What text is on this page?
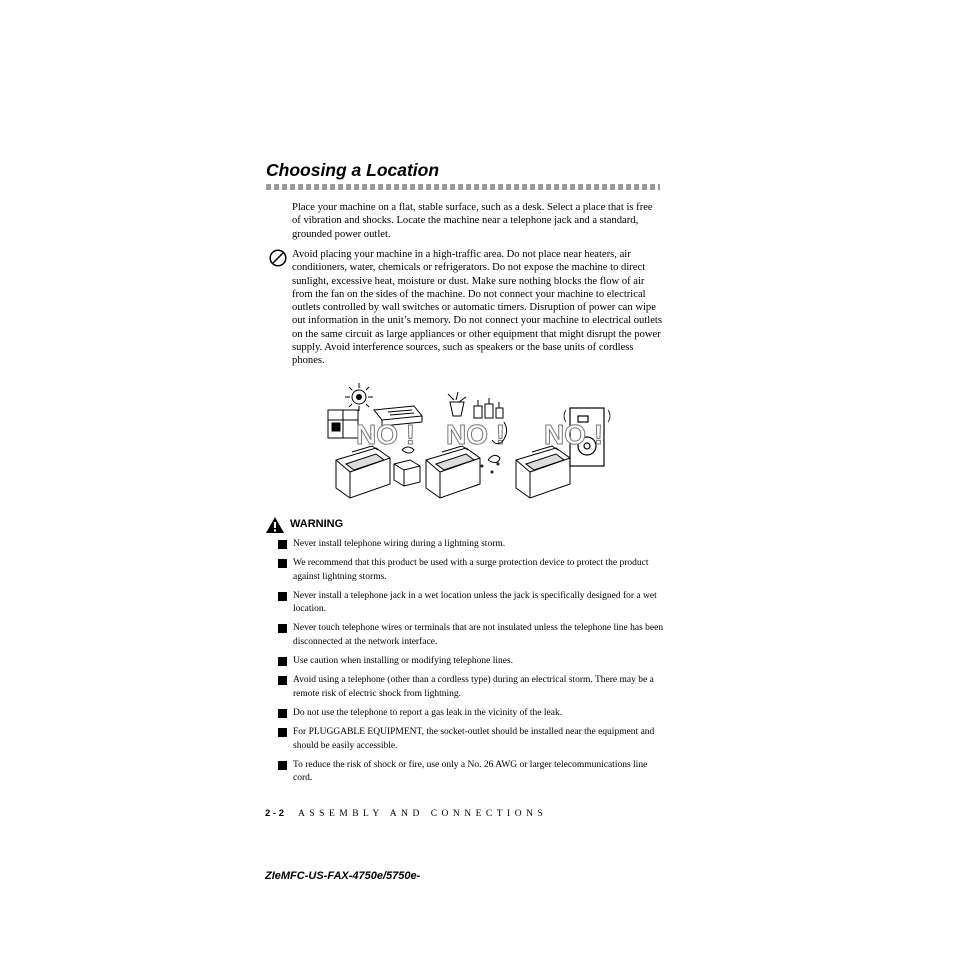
Choosing a Location
Place your machine on a flat, stable surface, such as a desk. Select a place that is free of vibration and shocks. Locate the machine near a telephone jack and a standard, grounded power outlet.
Avoid placing your machine in a high-traffic area. Do not place near heaters, air conditioners, water, chemicals or refrigerators. Do not expose the machine to direct sunlight, excessive heat, moisture or dust. Make sure nothing blocks the flow of air from the fan on the sides of the machine. Do not connect your machine to electrical outlets controlled by wall switches or automatic timers. Disruption of power can wipe out information in the unit’s memory. Do not connect your machine to electrical outlets on the same circuit as large appliances or other equipment that might disrupt the power supply. Avoid interference sources, such as speakers or the base units of cordless phones.
NO ! NO ! NO !
WARNING
Never install telephone wiring during a lightning storm.
We recommend that this product be used with a surge protection device to protect the product against lightning storms.
Never install a telephone jack in a wet location unless the jack is specifically designed for a wet location.
Never touch telephone wires or terminals that are not insulated unless the telephone line has been disconnected at the network interface.
Use caution when installing or modifying telephone lines.
Avoid using a telephone (other than a cordless type) during an electrical storm. There may be a remote risk of electric shock from lightning.
Do not use the telephone to report a gas leak in the vicinity of the leak.
For PLUGGABLE EQUIPMENT, the socket-outlet should be installed near the equipment and should be easily accessible.
To reduce the risk of shock or fire, use only a No. 26 AWG or larger telecommunications line cord.
2 - 2 ASSEMBLY AND CONNECTIONS
ZIeMFC-US-FAX-4750e/5750e-
